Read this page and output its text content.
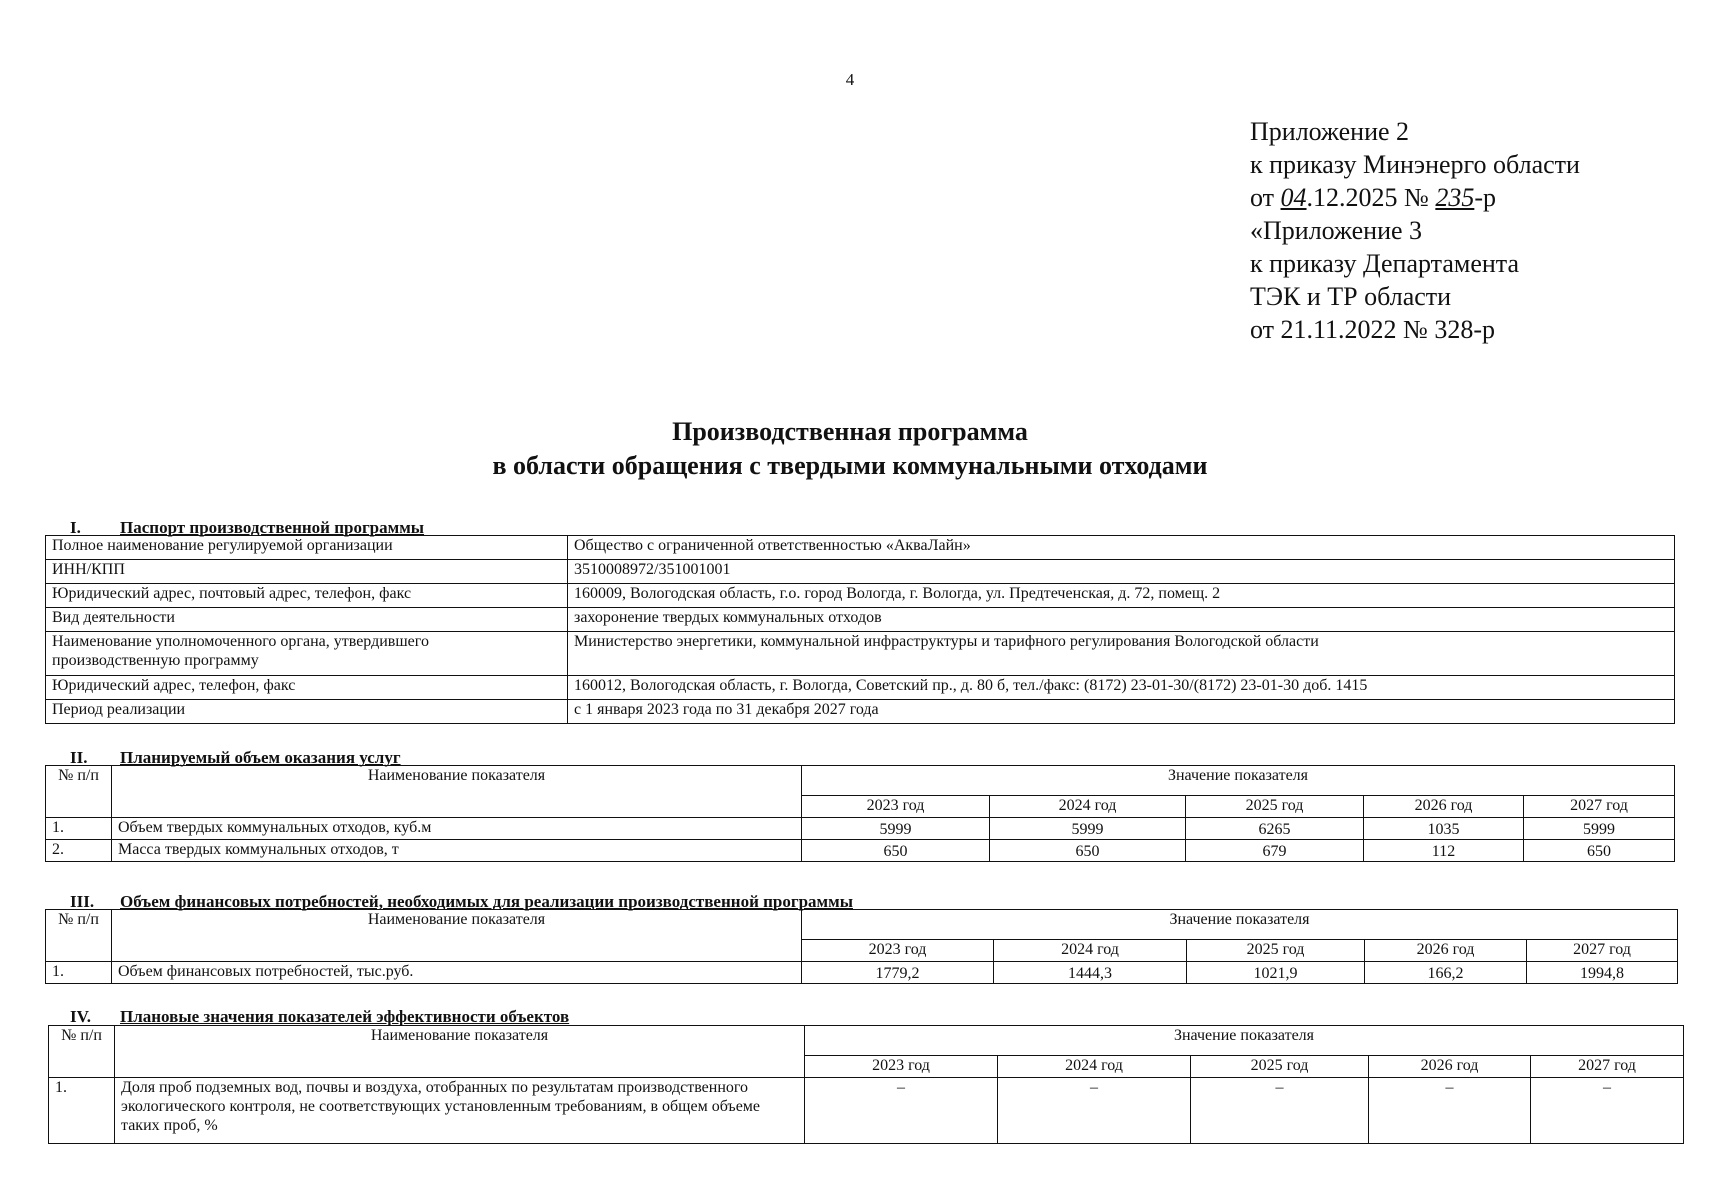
4
Приложение 2
к приказу Минэнерго области
от 04.12.2025 № 235-р
«Приложение 3
к приказу Департамента
ТЭК и ТР области
от 21.11.2022 № 328-р
Производственная программа
в области обращения с твердыми коммунальными отходами
I. Паспорт производственной программы
Полное наименование регулируемой организации	Общество с ограниченной ответственностью «АкваЛайн»
ИНН/КПП	3510008972/351001001
Юридический адрес, почтовый адрес, телефон, факс	160009, Вологодская область, г.о. город Вологда, г. Вологда, ул. Предтеченская, д. 72, помещ. 2
Вид деятельности	захоронение твердых коммунальных отходов
Наименование уполномоченного органа, утвердившего производственную программу	Министерство энергетики, коммунальной инфраструктуры и тарифного регулирования Вологодской области
Юридический адрес, телефон, факс	160012, Вологодская область, г. Вологда, Советский пр., д. 80 б, тел./факс: (8172) 23-01-30/(8172) 23-01-30 доб. 1415
Период реализации	с 1 января 2023 года по 31 декабря 2027 года
II. Планируемый объем оказания услуг
№ п/п	Наименование показателя	Значение показателя				
		2023 год	2024 год	2025 год	2026 год	2027 год
1.	Объем твердых коммунальных отходов, куб.м	5999	5999	6265	1035	5999
2.	Масса твердых коммунальных отходов, т	650	650	679	112	650
III. Объем финансовых потребностей, необходимых для реализации производственной программы
№ п/п	Наименование показателя	Значение показателя				
		2023 год	2024 год	2025 год	2026 год	2027 год
1.	Объем финансовых потребностей, тыс.руб.	1779,2	1444,3	1021,9	166,2	1994,8
IV. Плановые значения показателей эффективности объектов
№ п/п	Наименование показателя	Значение показателя				
		2023 год	2024 год	2025 год	2026 год	2027 год
1.	Доля проб подземных вод, почвы и воздуха, отобранных по результатам производственного экологического контроля, не соответствующих установленным требованиям, в общем объеме таких проб, %	–	–	–	–	–
